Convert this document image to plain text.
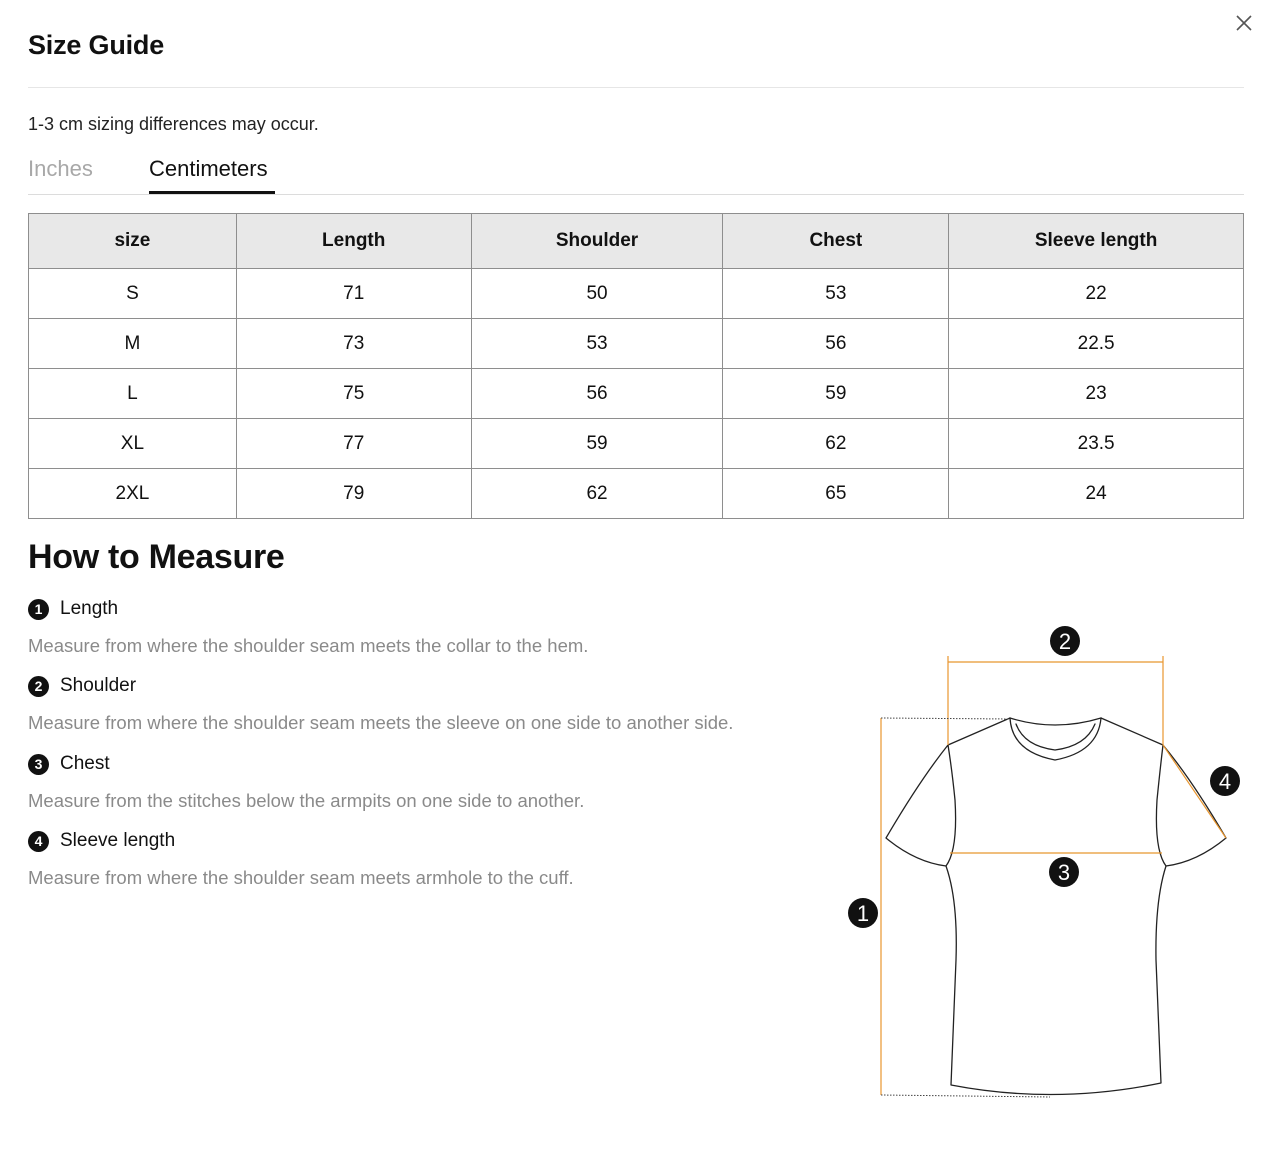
Size Guide
1-3 cm sizing differences may occur.
Inches	Centimeters
size	Length	Shoulder	Chest	Sleeve length
S	71	50	53	22
M	73	53	56	22.5
L	75	56	59	23
XL	77	59	62	23.5
2XL	79	62	65	24
How to Measure
1 Length
Measure from where the shoulder seam meets the collar to the hem.
2 Shoulder
Measure from where the shoulder seam meets the sleeve on one side to another side.
3 Chest
Measure from the stitches below the armpits on one side to another.
4 Sleeve length
Measure from where the shoulder seam meets armhole to the cuff.
2
3
1
4
